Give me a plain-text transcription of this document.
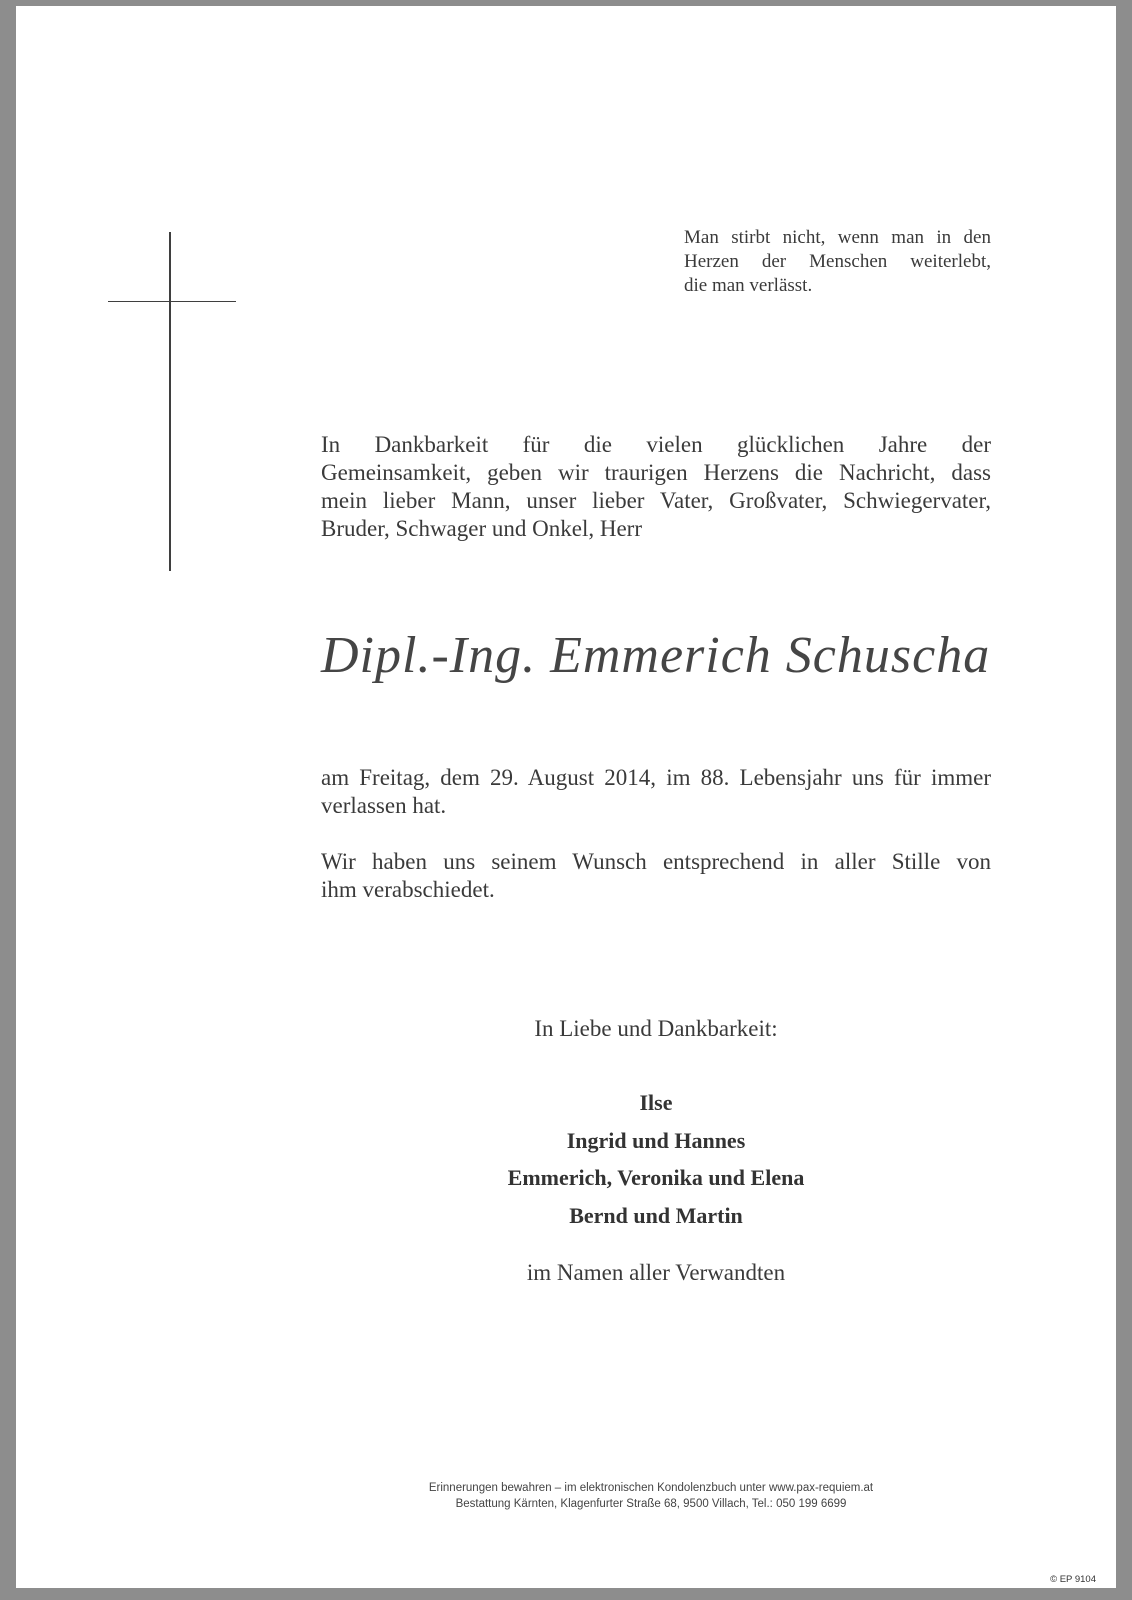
Man stirbt nicht, wenn man in den
Herzen der Menschen weiterlebt,
die man verlässt.
In Dankbarkeit für die vielen glücklichen Jahre der
Gemeinsamkeit, geben wir traurigen Herzens die Nachricht, dass
mein lieber Mann, unser lieber Vater, Großvater, Schwiegervater,
Bruder, Schwager und Onkel, Herr
Dipl.-Ing. Emmerich Schuscha
am Freitag, dem 29. August 2014, im 88. Lebensjahr uns für immer
verlassen hat.
Wir haben uns seinem Wunsch entsprechend in aller Stille von
ihm verabschiedet.
In Liebe und Dankbarkeit:
Ilse
Ingrid und Hannes
Emmerich, Veronika und Elena
Bernd und Martin
im Namen aller Verwandten
Erinnerungen bewahren – im elektronischen Kondolenzbuch unter www.pax-requiem.at
Bestattung Kärnten, Klagenfurter Straße 68, 9500 Villach, Tel.: 050 199 6699
© EP 9104
